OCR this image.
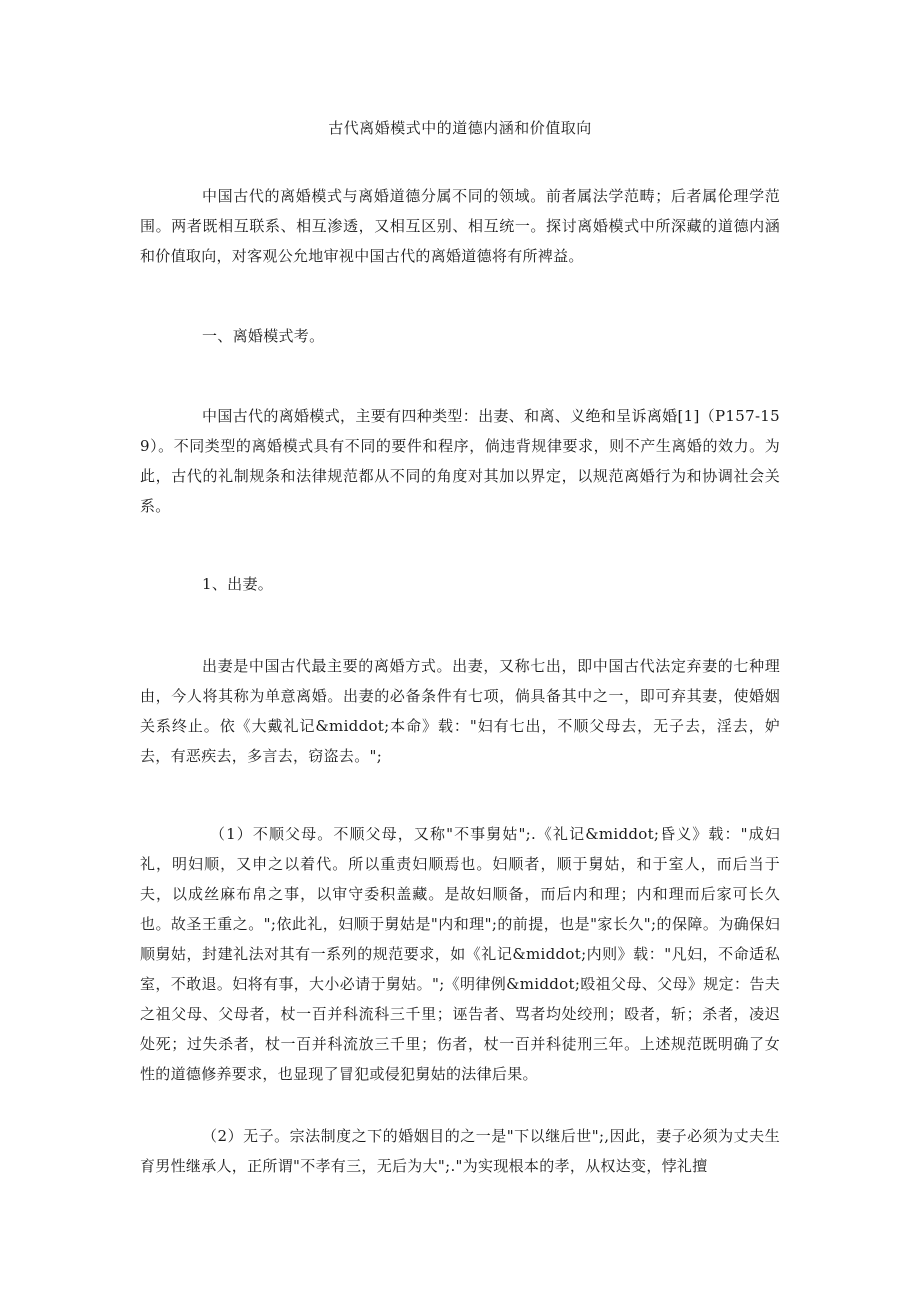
古代离婚模式中的道德内涵和价值取向

中国古代的离婚模式与离婚道德分属不同的领域。前者属法学范畴；后者属伦理学范围。两者既相互联系、相互渗透，又相互区别、相互统一。探讨离婚模式中所深藏的道德内涵和价值取向，对客观公允地审视中国古代的离婚道德将有所裨益。

一、离婚模式考。

中国古代的离婚模式，主要有四种类型：出妻、和离、义绝和呈诉离婚[1]（P157-159）。不同类型的离婚模式具有不同的要件和程序，倘违背规律要求，则不产生离婚的效力。为此，古代的礼制规条和法律规范都从不同的角度对其加以界定，以规范离婚行为和协调社会关系。

1、出妻。

出妻是中国古代最主要的离婚方式。出妻，又称七出，即中国古代法定弃妻的七种理由，今人将其称为单意离婚。出妻的必备条件有七项，倘具备其中之一，即可弃其妻，使婚姻关系终止。依《大戴礼记&middot;本命》载："妇有七出，不顺父母去，无子去，淫去，妒去，有恶疾去，多言去，窃盗去。";

（1）不顺父母。不顺父母，又称"不事舅姑";.《礼记&middot;昏义》载："成妇礼，明妇顺，又申之以着代。所以重责妇顺焉也。妇顺者，顺于舅姑，和于室人，而后当于夫，以成丝麻布帛之事，以审守委积盖藏。是故妇顺备，而后内和理；内和理而后家可长久也。故圣王重之。";依此礼，妇顺于舅姑是"内和理";的前提，也是"家长久";的保障。为确保妇顺舅姑，封建礼法对其有一系列的规范要求，如《礼记&middot;内则》载："凡妇，不命适私室，不敢退。妇将有事，大小必请于舅姑。";《明律例&middot;殴祖父母、父母》规定：告夫之祖父母、父母者，杖一百并科流科三千里；诬告者、骂者均处绞刑；殴者，斩；杀者，凌迟处死；过失杀者，杖一百并科流放三千里；伤者，杖一百并科徒刑三年。上述规范既明确了女性的道德修养要求，也显现了冒犯或侵犯舅姑的法律后果。

（2）无子。宗法制度之下的婚姻目的之一是"下以继后世";,因此，妻子必须为丈夫生育男性继承人，正所谓"不孝有三，无后为大";."为实现根本的孝，从权达变，悖礼擅
